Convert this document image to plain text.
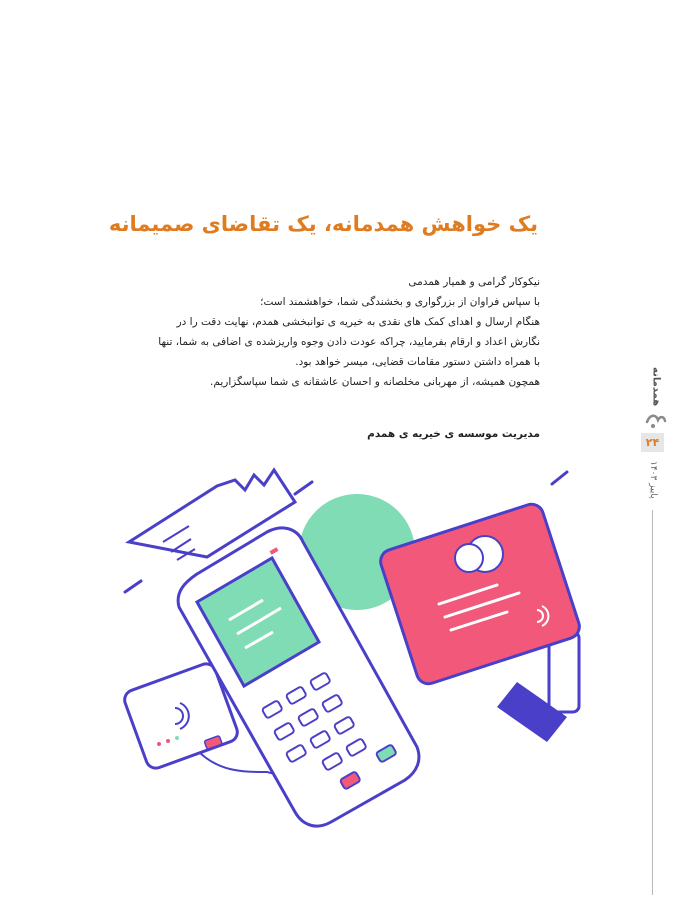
یک خواهش همدمانه، یک تقاضای صمیمانه

نیکوکار گرامی و همیار همدمی

با سپاس فراوان از بزرگواری و بخشندگی شما، خواهشمند است؛

هنگام ارسال و اهدای کمک های نقدی به خیریه ی توانبخشی همدم، نهایت دقت را در

نگارش اعداد و ارقام بفرمایید، چراکه عودت دادن وجوه واریزشده ی اضافی به شما، تنها

با همراه داشتن دستور مقامات قضایی، میسر خواهد بود.

همچون همیشه، از مهربانی مخلصانه و احسان عاشقانه ی شما سپاسگزاریم.

مدیریت موسسه ی خیریه ی همدم

همدمانه
۲۴
پاییز ۱۴۰۳
